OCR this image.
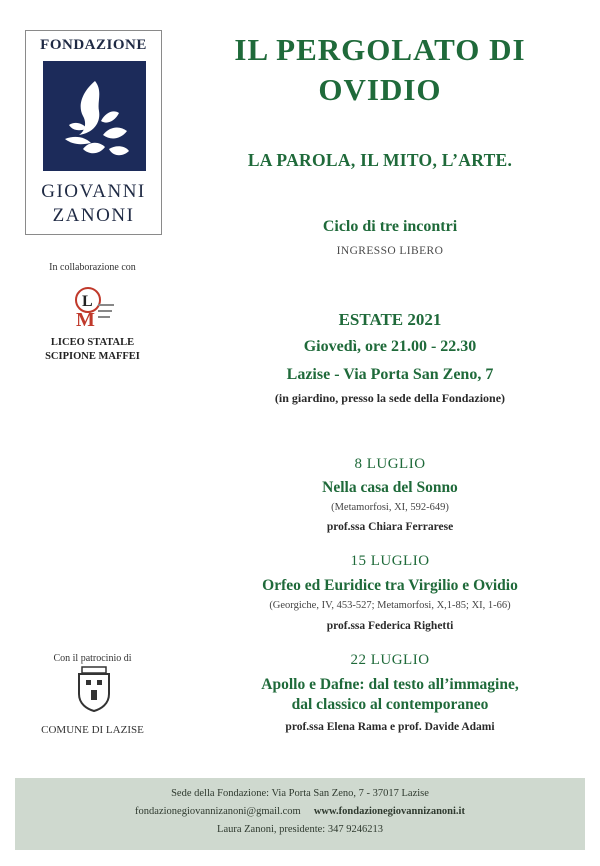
FONDAZIONE
GIOVANNI
ZANONI
In collaborazione con
L
M
LICEO STATALE
SCIPIONE MAFFEI
Con il patrocinio di
COMUNE DI LAZISE
IL PERGOLATO DI
OVIDIO
LA PAROLA, IL MITO, L’ARTE.
Ciclo di tre incontri
INGRESSO LIBERO
ESTATE 2021
Giovedì, ore 21.00 - 22.30
Lazise - Via Porta San Zeno, 7
(in giardino, presso la sede della Fondazione)
8 LUGLIO
Nella casa del Sonno
(Metamorfosi, XI, 592-649)
prof.ssa Chiara Ferrarese
15 LUGLIO
Orfeo ed Euridice tra Virgilio e Ovidio
(Georgiche, IV, 453-527; Metamorfosi, X,1-85; XI, 1-66)
prof.ssa Federica Righetti
22 LUGLIO
Apollo e Dafne: dal testo all’immagine,
dal classico al contemporaneo
prof.ssa Elena Rama e prof. Davide Adami
Sede della Fondazione: Via Porta San Zeno, 7 - 37017 Lazise
fondazionegiovannizanoni@gmail.com www.fondazionegiovannizanoni.it
Laura Zanoni, presidente: 347 9246213
